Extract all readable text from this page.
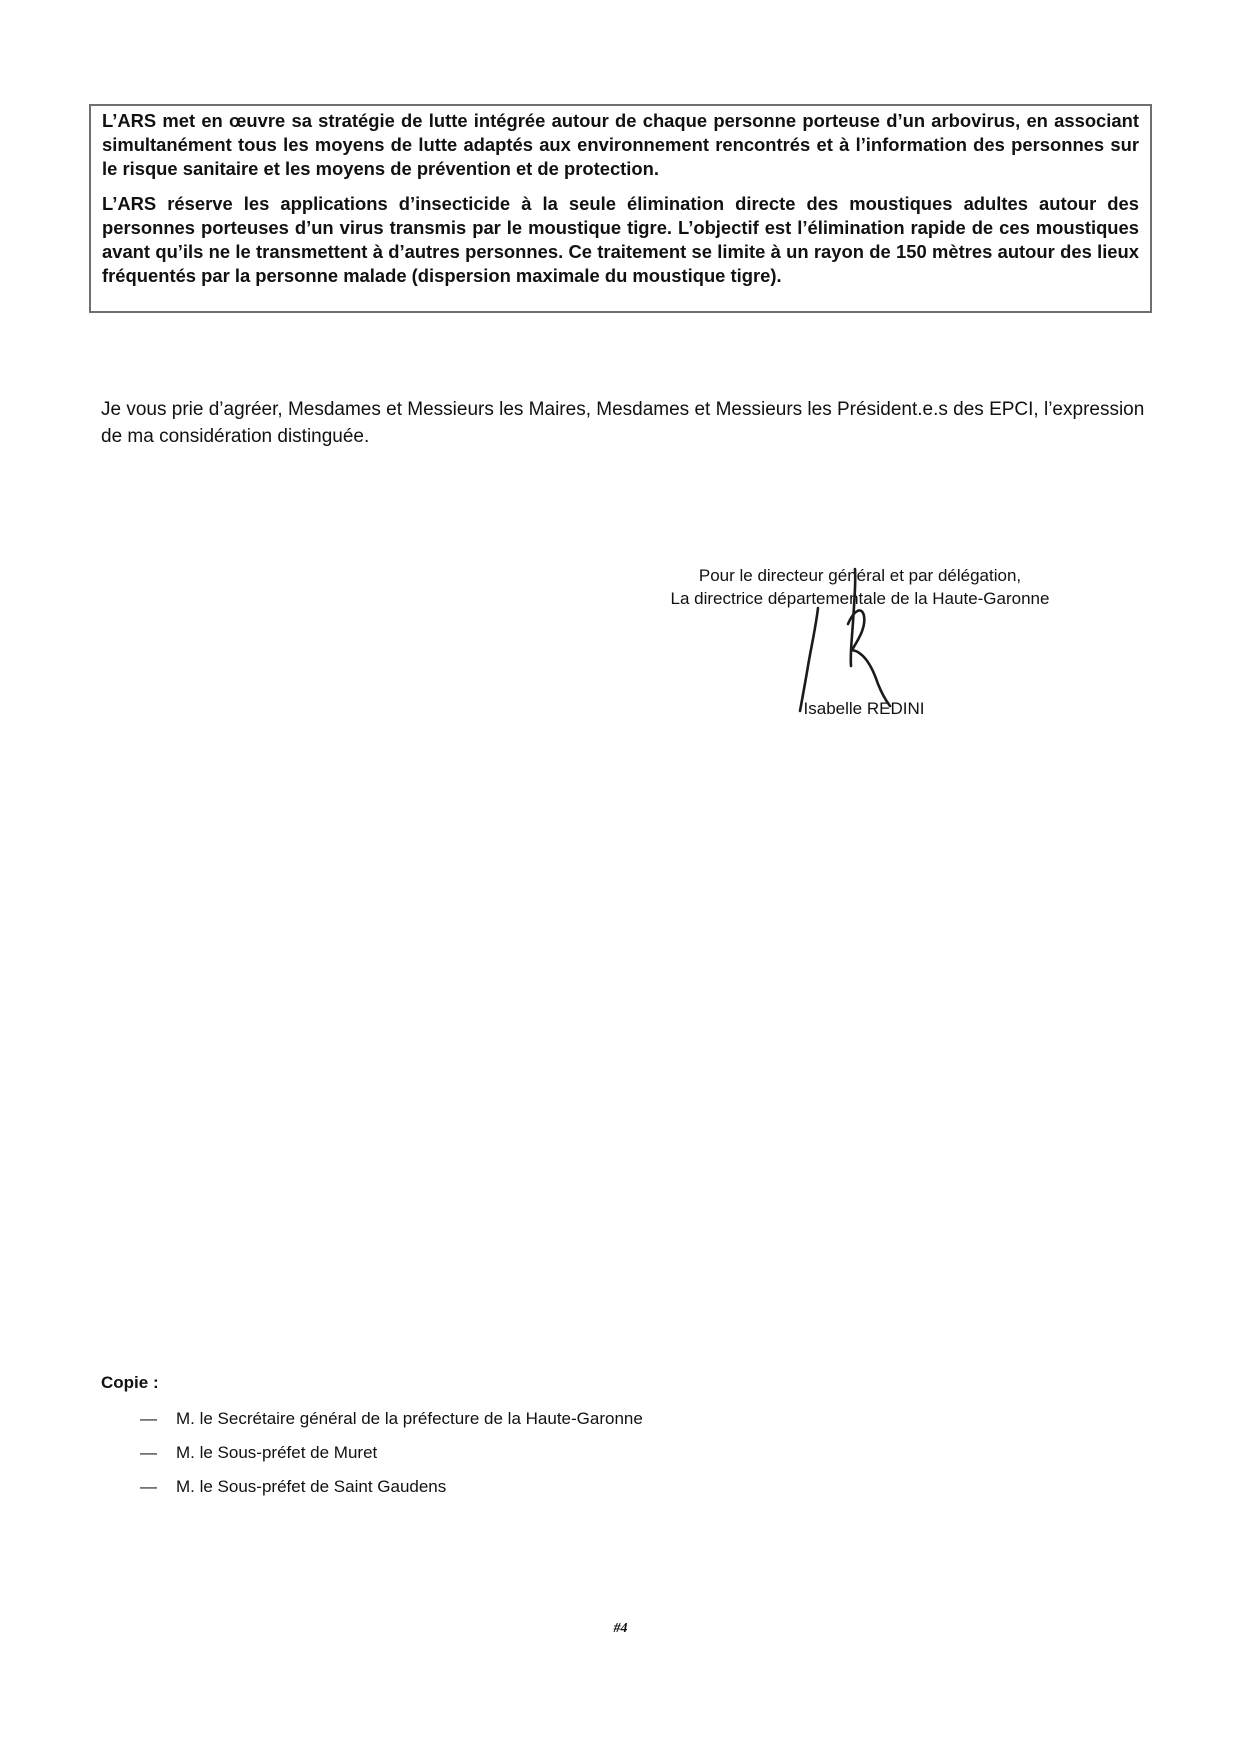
L’ARS met en œuvre sa stratégie de lutte intégrée autour de chaque personne porteuse d’un arbovirus, en associant simultanément tous les moyens de lutte adaptés aux environnement rencontrés et à l’information des personnes sur le risque sanitaire et les moyens de prévention et de protection.

L’ARS réserve les applications d’insecticide à la seule élimination directe des moustiques adultes autour des personnes porteuses d’un virus transmis par le moustique tigre. L’objectif est l’élimination rapide de ces moustiques avant qu’ils ne le transmettent à d’autres personnes. Ce traitement se limite à un rayon de 150 mètres autour des lieux fréquentés par la personne malade (dispersion maximale du moustique tigre).

Je vous prie d’agréer, Mesdames et Messieurs les Maires, Mesdames et Messieurs les Président.e.s des EPCI, l’expression de ma considération distinguée.

Pour le directeur général et par délégation,
La directrice départementale de la Haute-Garonne
Isabelle REDINI

Copie :

— M. le Secrétaire général de la préfecture de la Haute-Garonne
— M. le Sous-préfet de Muret
— M. le Sous-préfet de Saint Gaudens
#4
